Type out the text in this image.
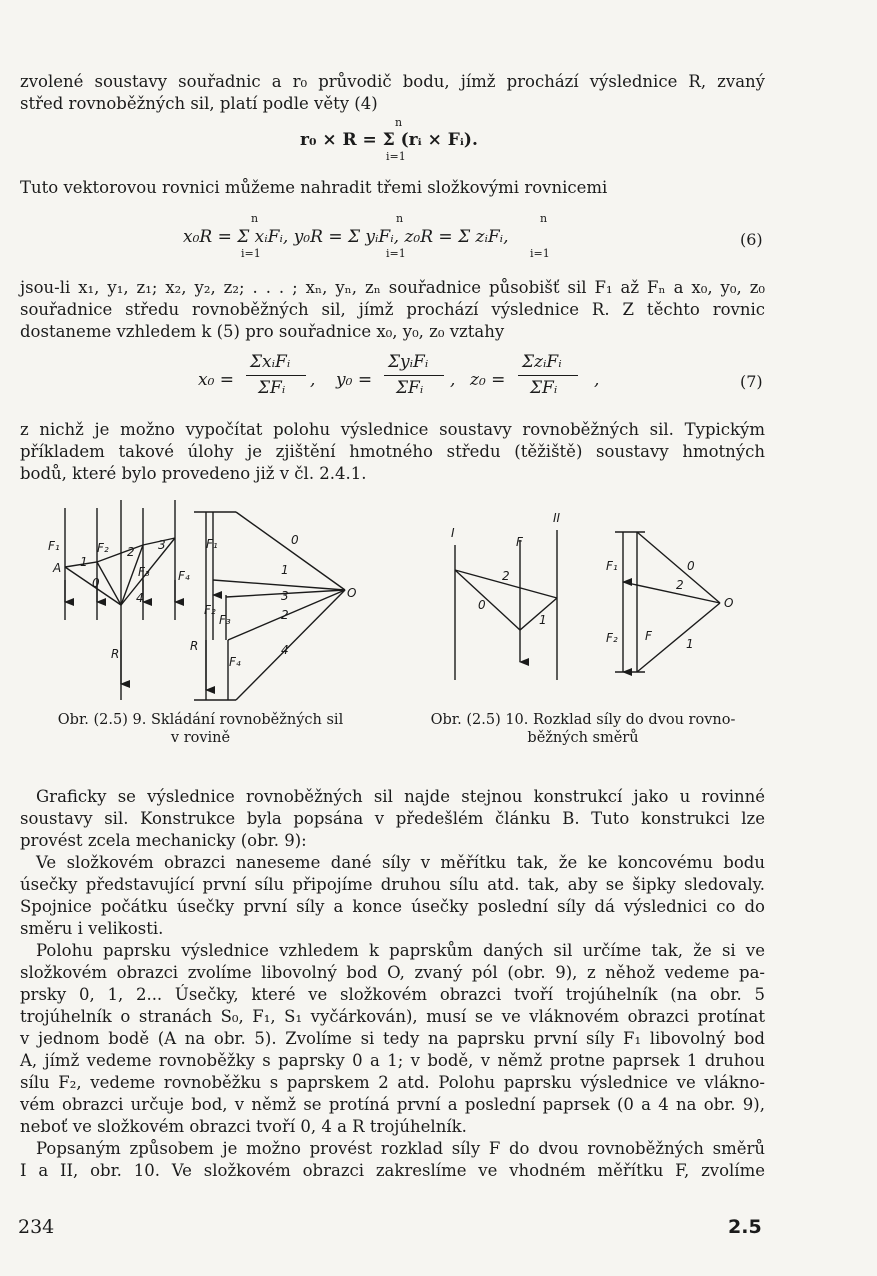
zvolené soustavy souřadnic a r₀ průvodič bodu, jímž prochází výslednice R, zvaný
střed rovnoběžných sil, platí podle věty (4)
n
r₀ × R = Σ (rᵢ × Fᵢ).
i=1
Tuto vektorovou rovnici můžeme nahradit třemi složkovými rovnicemi
n	n	n
x₀R = Σ xᵢFᵢ, y₀R = Σ yᵢFᵢ, z₀R = Σ zᵢFᵢ,
i=1	i=1	i=1
(6)
jsou-li x₁, y₁, z₁; x₂, y₂, z₂; . . . ; xₙ, yₙ, zₙ souřadnice působišť sil F₁ až Fₙ a x₀, y₀, z₀
souřadnice středu rovnoběžných sil, jímž prochází výslednice R. Z těchto rovnic
dostaneme vzhledem k (5) pro souřadnice x₀, y₀, z₀ vztahy
x₀ =
ΣxᵢFᵢ
ΣFᵢ , y₀ =
ΣyᵢFᵢ
ΣFᵢ , z₀ =
ΣzᵢFᵢ
ΣFᵢ ,	(7)
z nichž je možno vypočítat polohu výslednice soustavy rovnoběžných sil. Typickým
příkladem takové úlohy je zjištění hmotného středu (těžiště) soustavy hmotných
bodů, které bylo provedeno již v čl. 2.4.1.
F₁
A 1
F₂ 2 3
F₃
0	F₄
4
R
F₁
F₂
F₃
F₄
R
0
1
3
2
4
O
I
II
F
2
0
1
F₁
F₂ F
0
2
1
O
Obr. (2.5) 9. Skládání rovnoběžných sil
v rovině
Obr. (2.5) 10. Rozklad síly do dvou rovno-
běžných směrů
Graficky se výslednice rovnoběžných sil najde stejnou konstrukcí jako u rovinné
soustavy sil. Konstrukce byla popsána v předešlém článku B. Tuto konstrukci lze
provést zcela mechanicky (obr. 9):
Ve složkovém obrazci naneseme dané síly v měřítku tak, že ke koncovému bodu
úsečky představující první sílu připojíme druhou sílu atd. tak, aby se šipky sledovaly.
Spojnice počátku úsečky první síly a konce úsečky poslední síly dá výslednici co do
směru i velikosti.
Polohu paprsku výslednice vzhledem k paprskům daných sil určíme tak, že si ve
složkovém obrazci zvolíme libovolný bod O, zvaný pól (obr. 9), z něhož vedeme pa-
prsky 0, 1, 2... Úsečky, které ve složkovém obrazci tvoří trojúhelník (na obr. 5
trojúhelník o stranách S₀, F₁, S₁ vyčárkován), musí se ve vláknovém obrazci protínat
v jednom bodě (A na obr. 5). Zvolíme si tedy na paprsku první síly F₁ libovolný bod
A, jímž vedeme rovnoběžky s paprsky 0 a 1; v bodě, v němž protne paprsek 1 druhou
sílu F₂, vedeme rovnoběžku s paprskem 2 atd. Polohu paprsku výslednice ve vlákno-
vém obrazci určuje bod, v němž se protíná první a poslední paprsek (0 a 4 na obr. 9),
neboť ve složkovém obrazci tvoří 0, 4 a R trojúhelník.
Popsaným způsobem je možno provést rozklad síly F do dvou rovnoběžných směrů
I a II, obr. 10. Ve složkovém obrazci zakreslíme ve vhodném měřítku F, zvolíme
234	2.5
